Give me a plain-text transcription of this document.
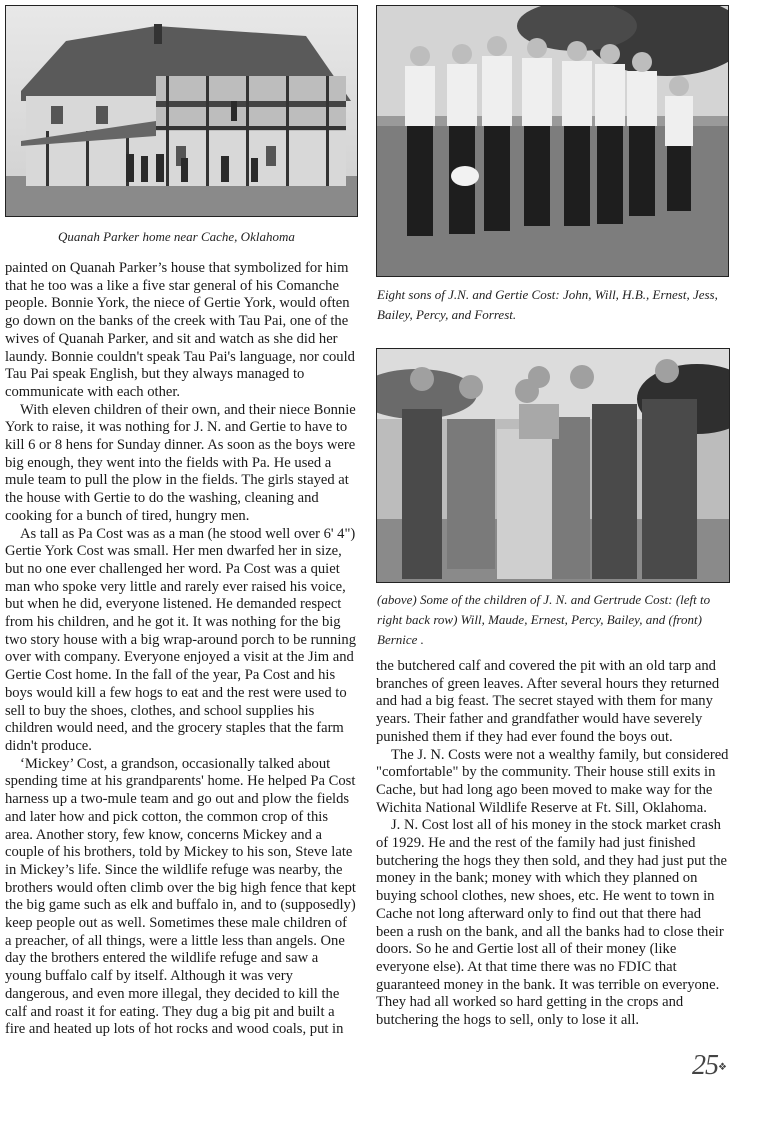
Quanah Parker home near Cache, Oklahoma
Eight sons of J.N. and Gertie Cost: John, Will, H.B., Ernest, Jess, Bailey, Percy, and Forrest.
(above) Some of the children of J. N. and Gertrude Cost: (left to right back row) Will, Maude, Ernest, Percy, Bailey, and (front) Bernice .

painted on Quanah Parker’s house that symbolized for him that he too was a like a five star general of his Comanche people. Bonnie York, the niece of Gertie York, would often go down on the banks of the creek with Tau Pai, one of the wives of Quanah Parker, and sit and watch as she did her laundy. Bonnie couldn't speak Tau Pai's language, nor could Tau Pai speak English, but they always managed to communicate with each other.

With eleven children of their own, and their niece Bonnie York to raise, it was nothing for J. N. and Gertie to have to kill 6 or 8 hens for Sunday dinner. As soon as the boys were big enough, they went into the fields with Pa. He used a mule team to pull the plow in the fields. The girls stayed at the house with Gertie to do the washing, cleaning and cooking for a bunch of tired, hungry men.

As tall as Pa Cost was as a man (he stood well over 6' 4") Gertie York Cost was small. Her men dwarfed her in size, but no one ever challenged her word. Pa Cost was a quiet man who spoke very little and rarely ever raised his voice, but when he did, everyone listened. He demanded respect from his children, and he got it. It was nothing for the big two story house with a big wrap-around porch to be running over with company. Everyone enjoyed a visit at the Jim and Gertie Cost home. In the fall of the year, Pa Cost and his boys would kill a few hogs to eat and the rest were used to sell to buy the shoes, clothes, and school supplies his children would need, and the grocery staples that the farm didn't produce.

‘Mickey’ Cost, a grandson, occasionally talked about spending time at his grandparents' home. He helped Pa Cost harness up a two-mule team and go out and plow the fields and later how and pick cotton, the common crop of this area. Another story, few know, concerns Mickey and a couple of his brothers, told by Mickey to his son, Steve late in Mickey’s life. Since the wildlife refuge was nearby, the brothers would often climb over the big high fence that kept the big game such as elk and buffalo in, and to (supposedly) keep people out as well. Sometimes these male children of a preacher, of all things, were a little less than angels. One day the brothers entered the wildlife refuge and saw a young buffalo calf by itself. Although it was very dangerous, and even more illegal, they decided to kill the calf and roast it for eating. They dug a big pit and built a fire and heated up lots of hot rocks and wood coals, put in

the butchered calf and covered the pit with an old tarp and branches of green leaves. After several hours they returned and had a big feast. The secret stayed with them for many years. Their father and grandfather would have severely punished them if they had ever found the boys out.

The J. N. Costs were not a wealthy family, but considered "comfortable" by the community. Their house still exits in Cache, but had long ago been moved to make way for the Wichita National Wildlife Reserve at Ft. Sill, Oklahoma.

J. N. Cost lost all of his money in the stock market crash of 1929. He and the rest of the family had just finished butchering the hogs they then sold, and they had just put the money in the bank; money with which they planned on buying school clothes, new shoes, etc. He went to town in Cache not long afterward only to find out that there had been a rush on the bank, and all the banks had to close their doors. So he and Gertie lost all of their money (like everyone else). At that time there was no FDIC that guaranteed money in the bank. It was terrible on everyone. They had all worked so hard getting in the crops and butchering the hogs to sell, only to lose it all.

25❖
